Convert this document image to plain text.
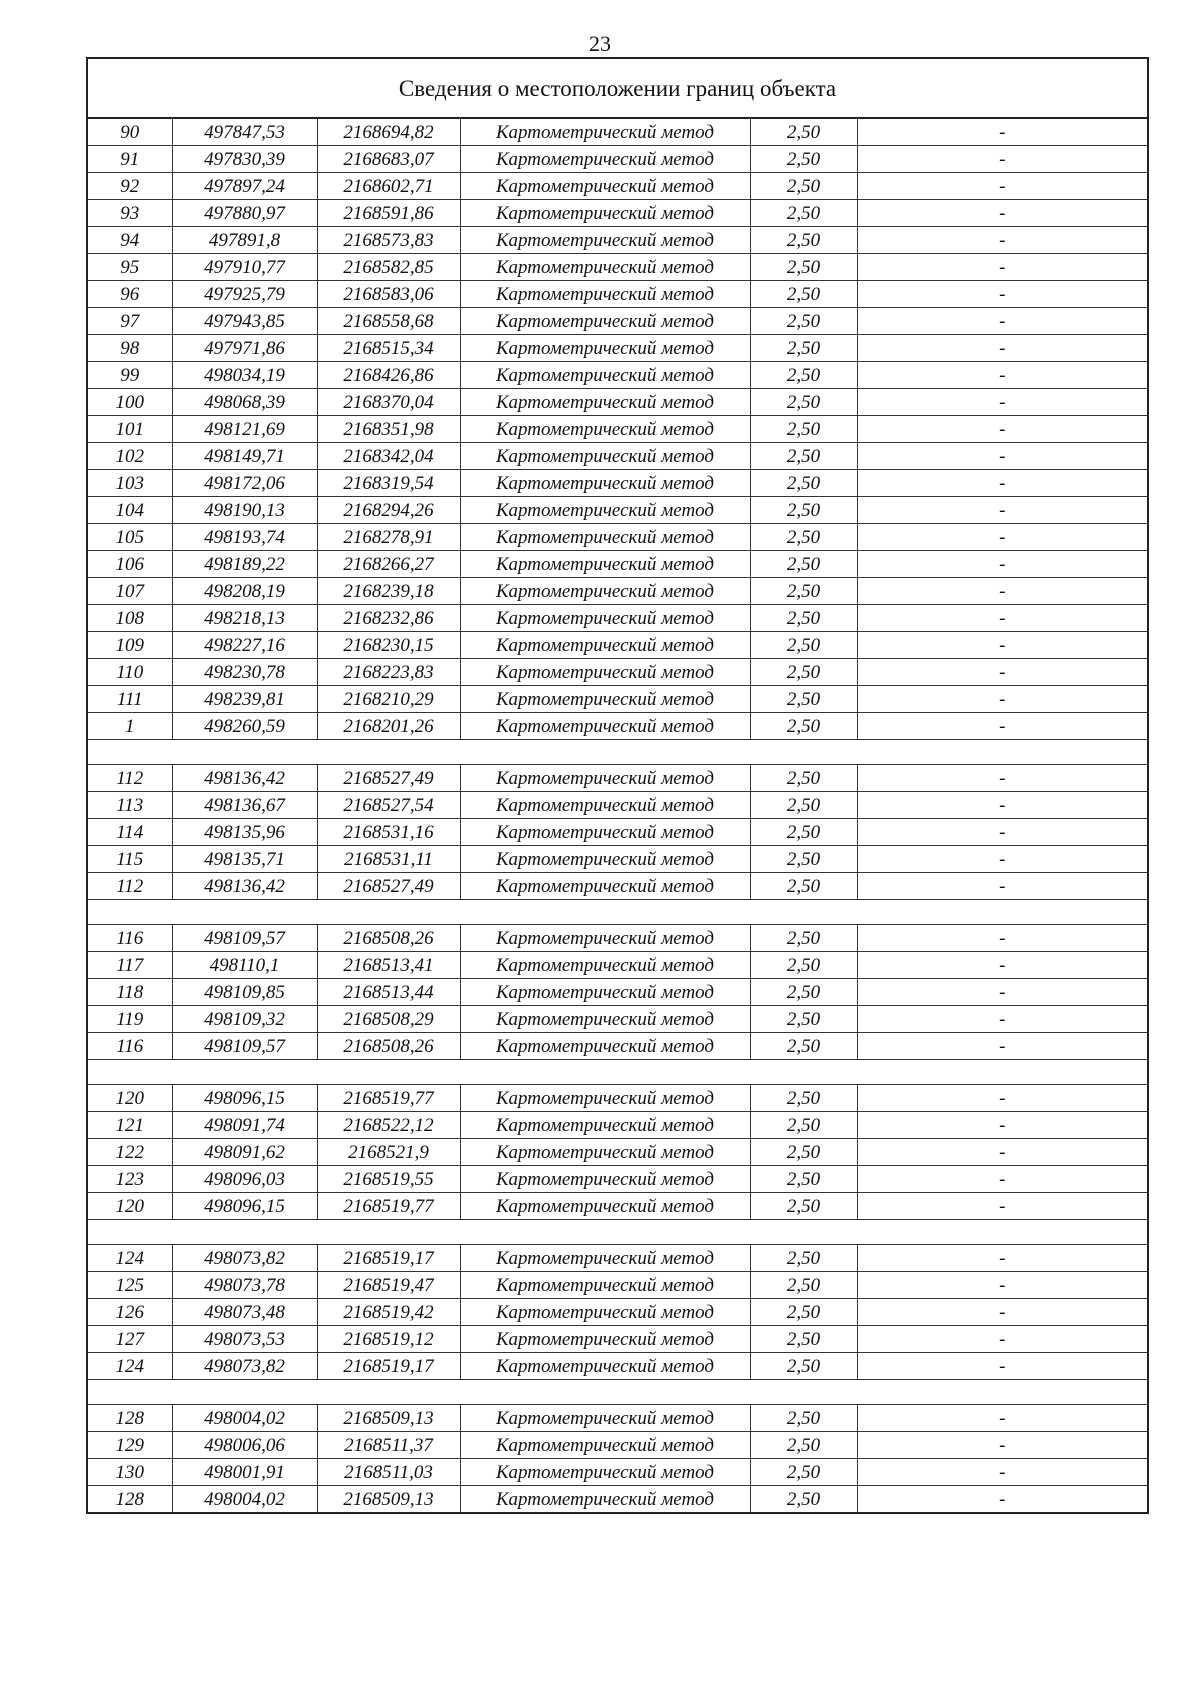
23
Сведения о местоположении границ объекта
90	497847,53	2168694,82	Картометрический метод	2,50	-
91	497830,39	2168683,07	Картометрический метод	2,50	-
92	497897,24	2168602,71	Картометрический метод	2,50	-
93	497880,97	2168591,86	Картометрический метод	2,50	-
94	497891,8	2168573,83	Картометрический метод	2,50	-
95	497910,77	2168582,85	Картометрический метод	2,50	-
96	497925,79	2168583,06	Картометрический метод	2,50	-
97	497943,85	2168558,68	Картометрический метод	2,50	-
98	497971,86	2168515,34	Картометрический метод	2,50	-
99	498034,19	2168426,86	Картометрический метод	2,50	-
100	498068,39	2168370,04	Картометрический метод	2,50	-
101	498121,69	2168351,98	Картометрический метод	2,50	-
102	498149,71	2168342,04	Картометрический метод	2,50	-
103	498172,06	2168319,54	Картометрический метод	2,50	-
104	498190,13	2168294,26	Картометрический метод	2,50	-
105	498193,74	2168278,91	Картометрический метод	2,50	-
106	498189,22	2168266,27	Картометрический метод	2,50	-
107	498208,19	2168239,18	Картометрический метод	2,50	-
108	498218,13	2168232,86	Картометрический метод	2,50	-
109	498227,16	2168230,15	Картометрический метод	2,50	-
110	498230,78	2168223,83	Картометрический метод	2,50	-
111	498239,81	2168210,29	Картометрический метод	2,50	-
1	498260,59	2168201,26	Картометрический метод	2,50	-

112	498136,42	2168527,49	Картометрический метод	2,50	-
113	498136,67	2168527,54	Картометрический метод	2,50	-
114	498135,96	2168531,16	Картометрический метод	2,50	-
115	498135,71	2168531,11	Картометрический метод	2,50	-
112	498136,42	2168527,49	Картометрический метод	2,50	-

116	498109,57	2168508,26	Картометрический метод	2,50	-
117	498110,1	2168513,41	Картометрический метод	2,50	-
118	498109,85	2168513,44	Картометрический метод	2,50	-
119	498109,32	2168508,29	Картометрический метод	2,50	-
116	498109,57	2168508,26	Картометрический метод	2,50	-

120	498096,15	2168519,77	Картометрический метод	2,50	-
121	498091,74	2168522,12	Картометрический метод	2,50	-
122	498091,62	2168521,9	Картометрический метод	2,50	-
123	498096,03	2168519,55	Картометрический метод	2,50	-
120	498096,15	2168519,77	Картометрический метод	2,50	-

124	498073,82	2168519,17	Картометрический метод	2,50	-
125	498073,78	2168519,47	Картометрический метод	2,50	-
126	498073,48	2168519,42	Картометрический метод	2,50	-
127	498073,53	2168519,12	Картометрический метод	2,50	-
124	498073,82	2168519,17	Картометрический метод	2,50	-

128	498004,02	2168509,13	Картометрический метод	2,50	-
129	498006,06	2168511,37	Картометрический метод	2,50	-
130	498001,91	2168511,03	Картометрический метод	2,50	-
128	498004,02	2168509,13	Картометрический метод	2,50	-
